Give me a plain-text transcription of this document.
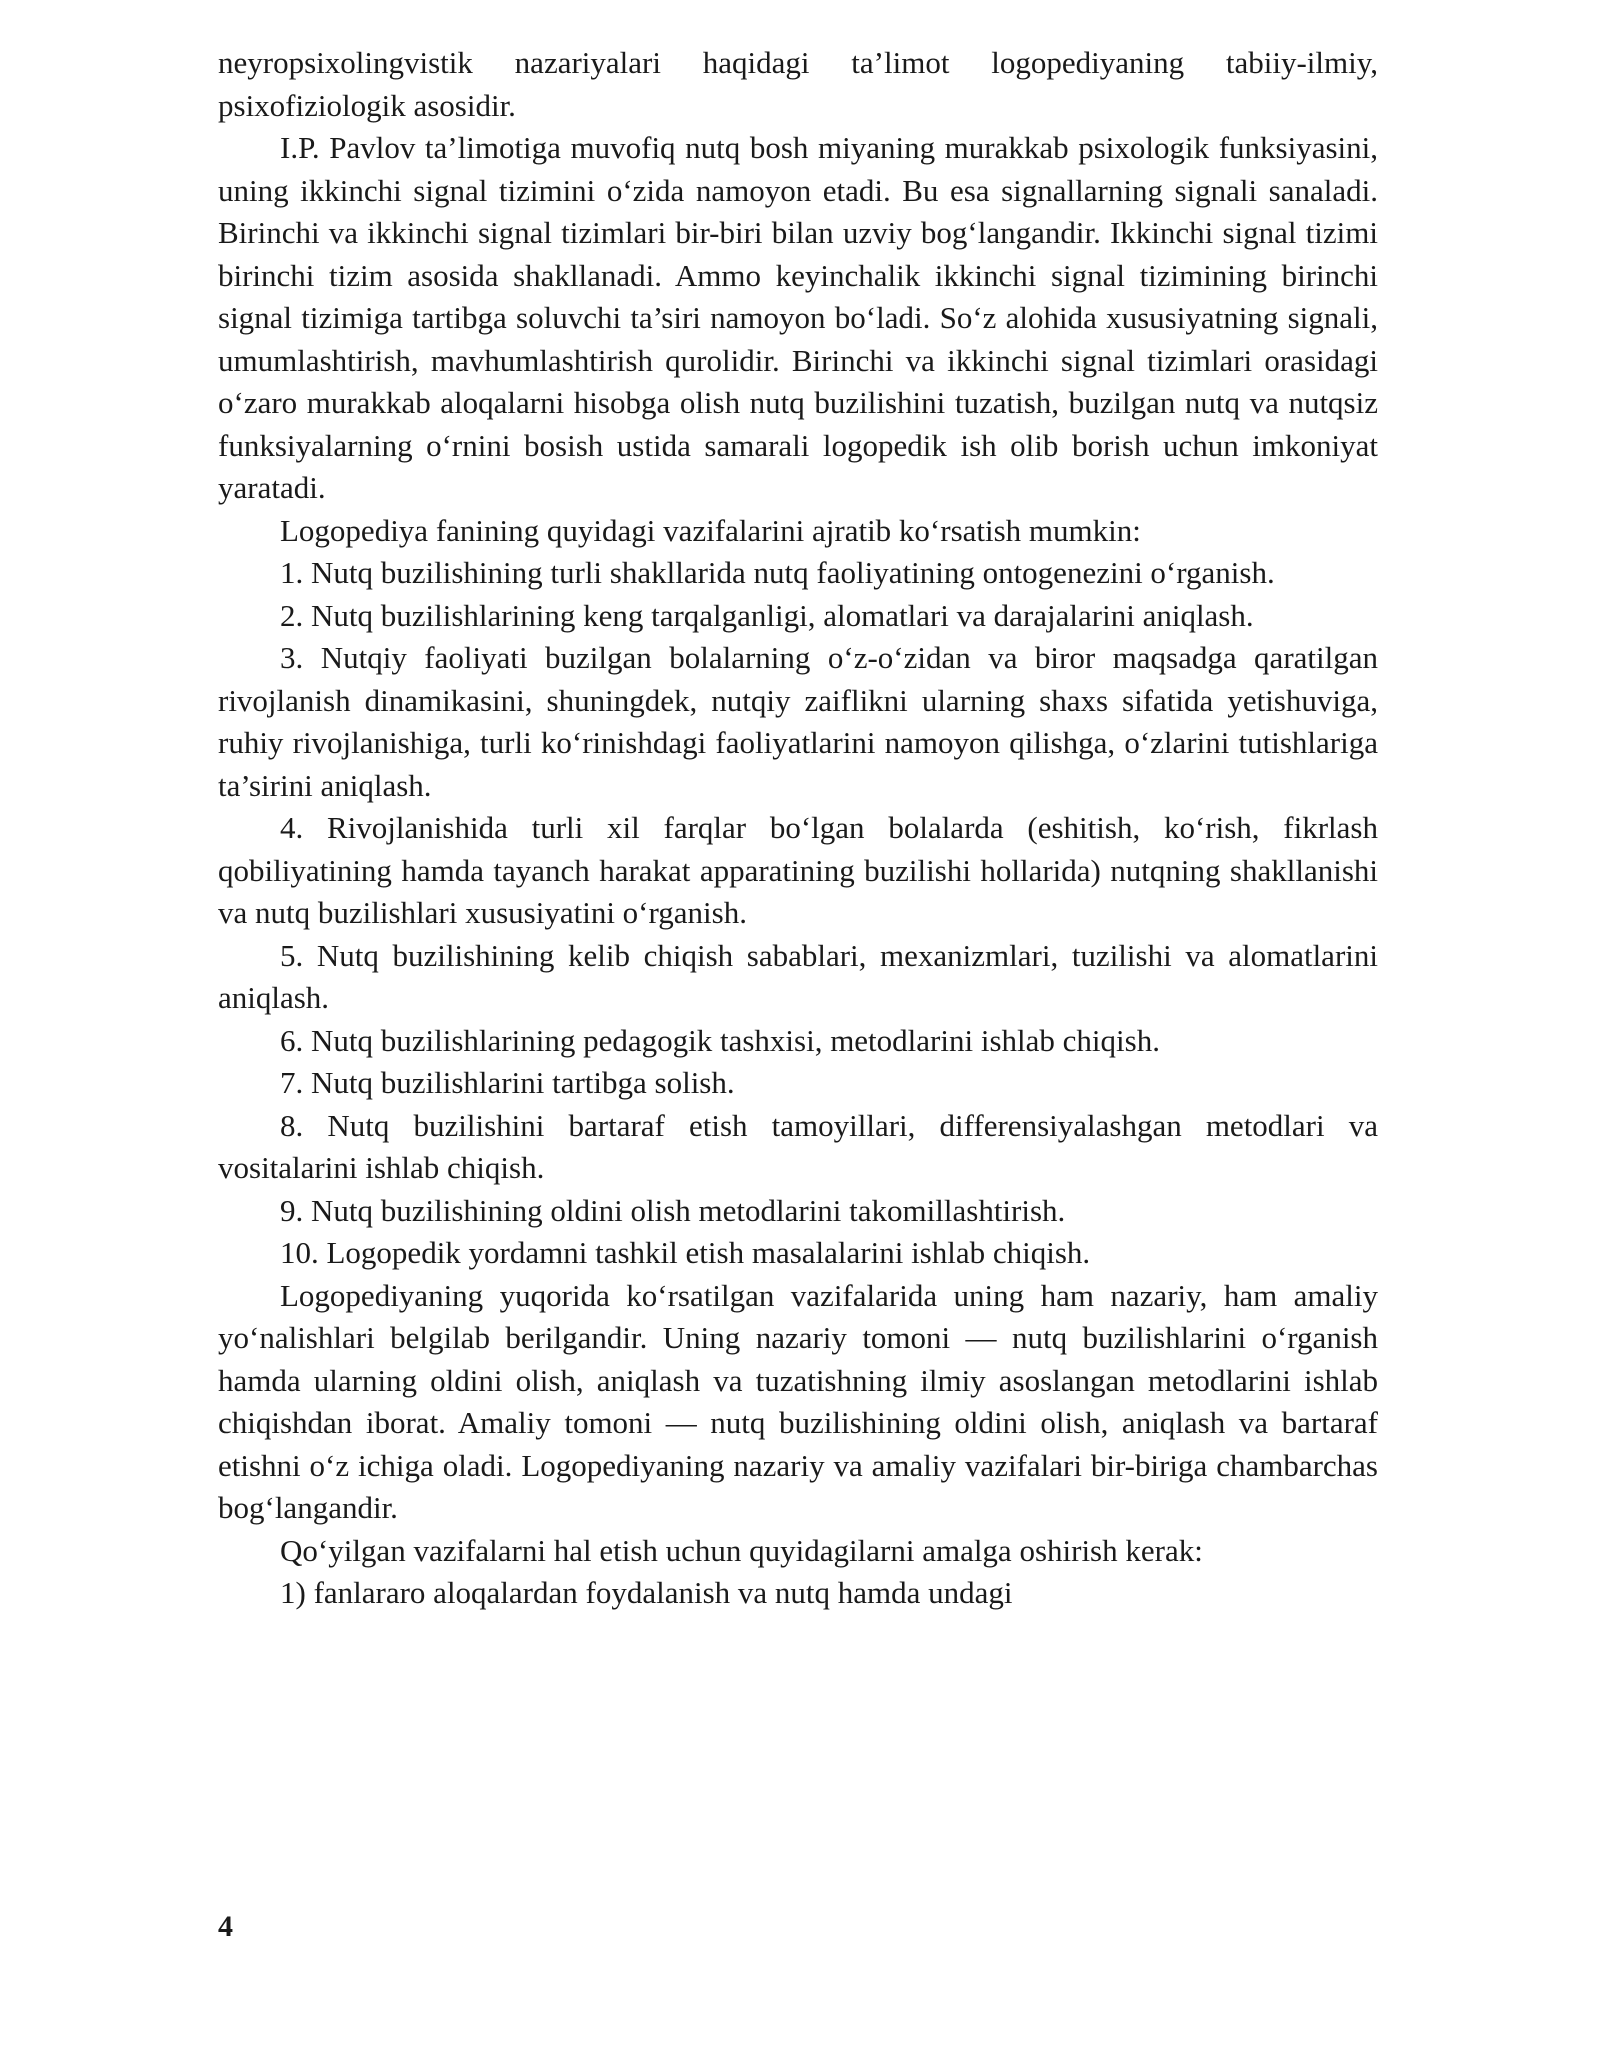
neyropsixolingvistik nazariyalari haqidagi ta’limot logopediyaning tabiiy-ilmiy, psixofiziologik asosidir.

I.P. Pavlov ta’limotiga muvofiq nutq bosh miyaning murakkab psixologik funksiyasini, uning ikkinchi signal tizimini o‘zida namoyon etadi. Bu esa signallarning signali sanaladi. Birinchi va ikkinchi signal tizimlari bir-biri bilan uzviy bog‘langandir. Ikkinchi signal tizimi birinchi tizim asosida shakllanadi. Ammo keyinchalik ikkinchi signal tizimining birinchi signal tizimiga tartibga soluvchi ta’siri namoyon bo‘ladi. So‘z alohida xususiyatning signali, umumlashtirish, mavhumlashtirish qurolidir. Birinchi va ikkinchi signal tizimlari orasidagi o‘zaro murakkab aloqalarni hisobga olish nutq buzilishini tuzatish, buzilgan nutq va nutqsiz funksiyalarning o‘rnini bosish ustida samarali logopedik ish olib borish uchun imkoniyat yaratadi.

Logopediya fanining quyidagi vazifalarini ajratib ko‘rsatish mumkin:

1. Nutq buzilishining turli shakllarida nutq faoliyatining ontogenezini o‘rganish.

2. Nutq buzilishlarining keng tarqalganligi, alomatlari va darajalarini aniqlash.

3. Nutqiy faoliyati buzilgan bolalarning o‘z-o‘zidan va biror maqsadga qaratilgan rivojlanish dinamikasini, shuningdek, nutqiy zaiflikni ularning shaxs sifatida yetishuviga, ruhiy rivojlanishiga, turli ko‘rinishdagi faoliyatlarini namoyon qilishga, o‘zlarini tutishlariga ta’sirini aniqlash.

4. Rivojlanishida turli xil farqlar bo‘lgan bolalarda (eshitish, ko‘rish, fikrlash qobiliyatining hamda tayanch harakat apparatining buzilishi hollarida) nutqning shakllanishi va nutq buzilishlari xususiyatini o‘rganish.

5. Nutq buzilishining kelib chiqish sabablari, mexanizmlari, tuzilishi va alomatlarini aniqlash.

6. Nutq buzilishlarining pedagogik tashxisi, metodlarini ishlab chiqish.

7. Nutq buzilishlarini tartibga solish.

8. Nutq buzilishini bartaraf etish tamoyillari, differensiyalashgan metodlari va vositalarini ishlab chiqish.

9. Nutq buzilishining oldini olish metodlarini takomillashtirish.

10. Logopedik yordamni tashkil etish masalalarini ishlab chiqish.

Logopediyaning yuqorida ko‘rsatilgan vazifalarida uning ham nazariy, ham amaliy yo‘nalishlari belgilab berilgandir. Uning nazariy tomoni — nutq buzilishlarini o‘rganish hamda ularning oldini olish, aniqlash va tuzatishning ilmiy asoslangan metodlarini ishlab chiqishdan iborat. Amaliy tomoni — nutq buzilishining oldini olish, aniqlash va bartaraf etishni o‘z ichiga oladi. Logopediyaning nazariy va amaliy vazifalari bir-biriga chambarchas bog‘langandir.

Qo‘yilgan vazifalarni hal etish uchun quyidagilarni amalga oshirish kerak:

1) fanlararo aloqalardan foydalanish va nutq hamda undagi

4
